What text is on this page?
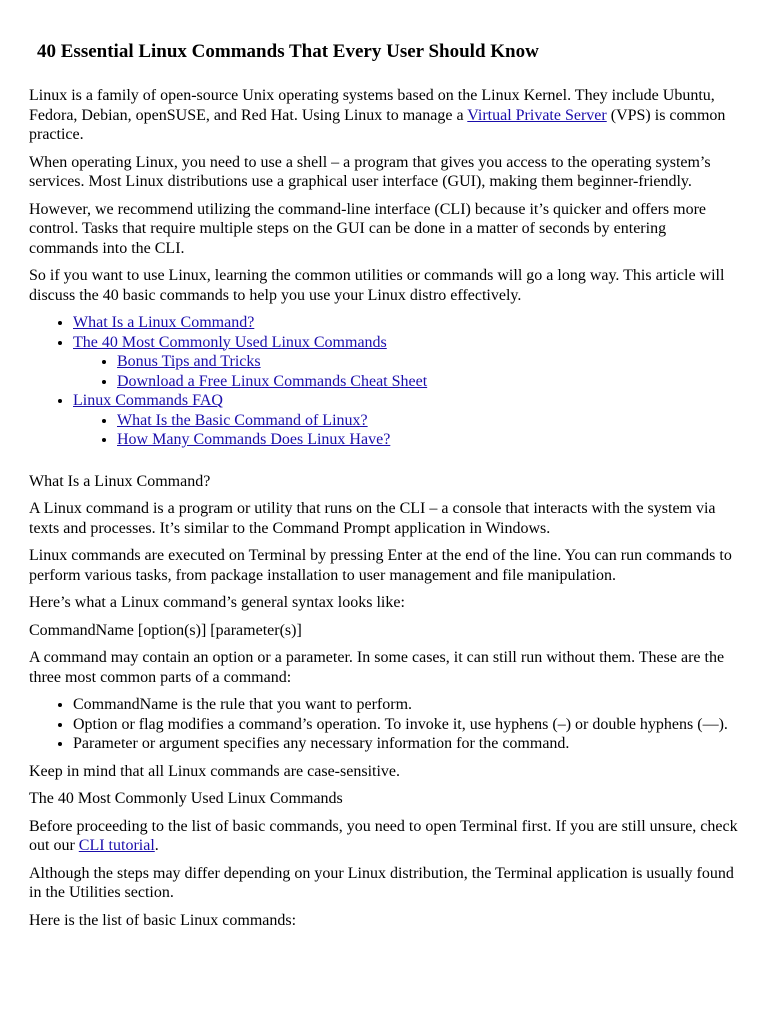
40 Essential Linux Commands That Every User Should Know

Linux is a family of open-source Unix operating systems based on the Linux Kernel. They include Ubuntu, Fedora, Debian, openSUSE, and Red Hat. Using Linux to manage a Virtual Private Server (VPS) is common practice.

When operating Linux, you need to use a shell – a program that gives you access to the operating system’s services. Most Linux distributions use a graphical user interface (GUI), making them beginner-friendly.

However, we recommend utilizing the command-line interface (CLI) because it’s quicker and offers more control. Tasks that require multiple steps on the GUI can be done in a matter of seconds by entering commands into the CLI.

So if you want to use Linux, learning the common utilities or commands will go a long way. This article will discuss the 40 basic commands to help you use your Linux distro effectively.

• What Is a Linux Command?
• The 40 Most Commonly Used Linux Commands
• Bonus Tips and Tricks
• Download a Free Linux Commands Cheat Sheet
• Linux Commands FAQ
• What Is the Basic Command of Linux?
• How Many Commands Does Linux Have?

What Is a Linux Command?

A Linux command is a program or utility that runs on the CLI – a console that interacts with the system via texts and processes. It’s similar to the Command Prompt application in Windows.

Linux commands are executed on Terminal by pressing Enter at the end of the line. You can run commands to perform various tasks, from package installation to user management and file manipulation.

Here’s what a Linux command’s general syntax looks like:

CommandName [option(s)] [parameter(s)]

A command may contain an option or a parameter. In some cases, it can still run without them. These are the three most common parts of a command:

• CommandName is the rule that you want to perform.
• Option or flag modifies a command’s operation. To invoke it, use hyphens (–) or double hyphens (—).
• Parameter or argument specifies any necessary information for the command.

Keep in mind that all Linux commands are case-sensitive.

The 40 Most Commonly Used Linux Commands

Before proceeding to the list of basic commands, you need to open Terminal first. If you are still unsure, check out our CLI tutorial.

Although the steps may differ depending on your Linux distribution, the Terminal application is usually found in the Utilities section.

Here is the list of basic Linux commands:
